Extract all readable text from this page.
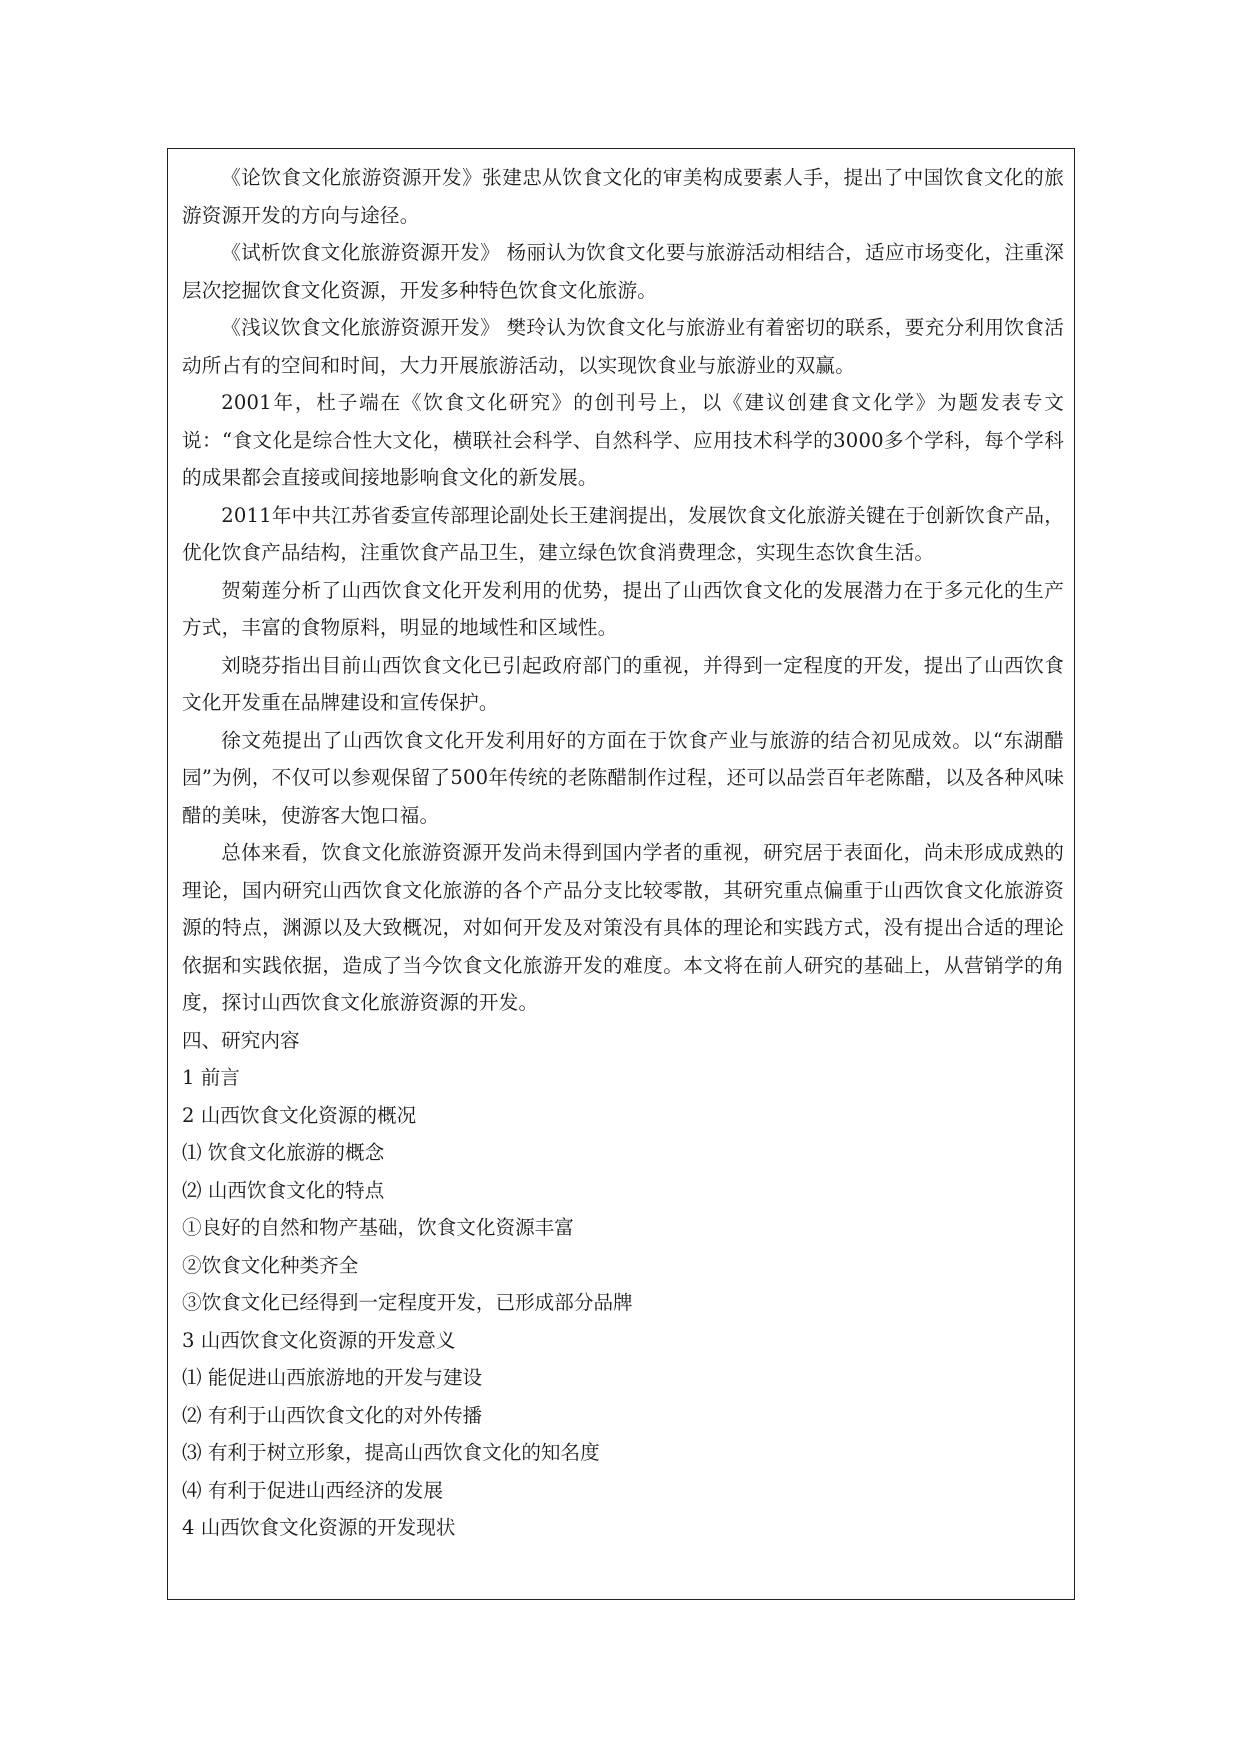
《论饮食文化旅游资源开发》张建忠从饮食文化的审美构成要素人手，提出了中国饮食文化的旅游资源开发的方向与途径。

《试析饮食文化旅游资源开发》 杨丽认为饮食文化要与旅游活动相结合，适应市场变化，注重深层次挖掘饮食文化资源，开发多种特色饮食文化旅游。

《浅议饮食文化旅游资源开发》 樊玲认为饮食文化与旅游业有着密切的联系，要充分利用饮食活动所占有的空间和时间，大力开展旅游活动，以实现饮食业与旅游业的双赢。

2001年，杜子端在《饮食文化研究》的创刊号上，以《建议创建食文化学》为题发表专文说：“食文化是综合性大文化，横联社会科学、自然科学、应用技术科学的3000多个学科，每个学科的成果都会直接或间接地影响食文化的新发展。

2011年中共江苏省委宣传部理论副处长王建润提出，发展饮食文化旅游关键在于创新饮食产品，优化饮食产品结构，注重饮食产品卫生，建立绿色饮食消费理念，实现生态饮食生活。

贺菊莲分析了山西饮食文化开发利用的优势，提出了山西饮食文化的发展潜力在于多元化的生产方式，丰富的食物原料，明显的地域性和区域性。

刘晓芬指出目前山西饮食文化已引起政府部门的重视，并得到一定程度的开发，提出了山西饮食文化开发重在品牌建设和宣传保护。

徐文苑提出了山西饮食文化开发利用好的方面在于饮食产业与旅游的结合初见成效。以“东湖醋园”为例，不仅可以参观保留了500年传统的老陈醋制作过程，还可以品尝百年老陈醋，以及各种风味醋的美味，使游客大饱口福。

总体来看，饮食文化旅游资源开发尚未得到国内学者的重视，研究居于表面化，尚未形成成熟的理论，国内研究山西饮食文化旅游的各个产品分支比较零散，其研究重点偏重于山西饮食文化旅游资源的特点，渊源以及大致概况，对如何开发及对策没有具体的理论和实践方式，没有提出合适的理论依据和实践依据，造成了当今饮食文化旅游开发的难度。本文将在前人研究的基础上，从营销学的角度，探讨山西饮食文化旅游资源的开发。

四、研究内容

1 前言

2 山西饮食文化资源的概况

⑴ 饮食文化旅游的概念

⑵ 山西饮食文化的特点

①良好的自然和物产基础，饮食文化资源丰富

②饮食文化种类齐全

③饮食文化已经得到一定程度开发，已形成部分品牌

3 山西饮食文化资源的开发意义

⑴ 能促进山西旅游地的开发与建设

⑵ 有利于山西饮食文化的对外传播

⑶ 有利于树立形象，提高山西饮食文化的知名度

⑷ 有利于促进山西经济的发展

4 山西饮食文化资源的开发现状
